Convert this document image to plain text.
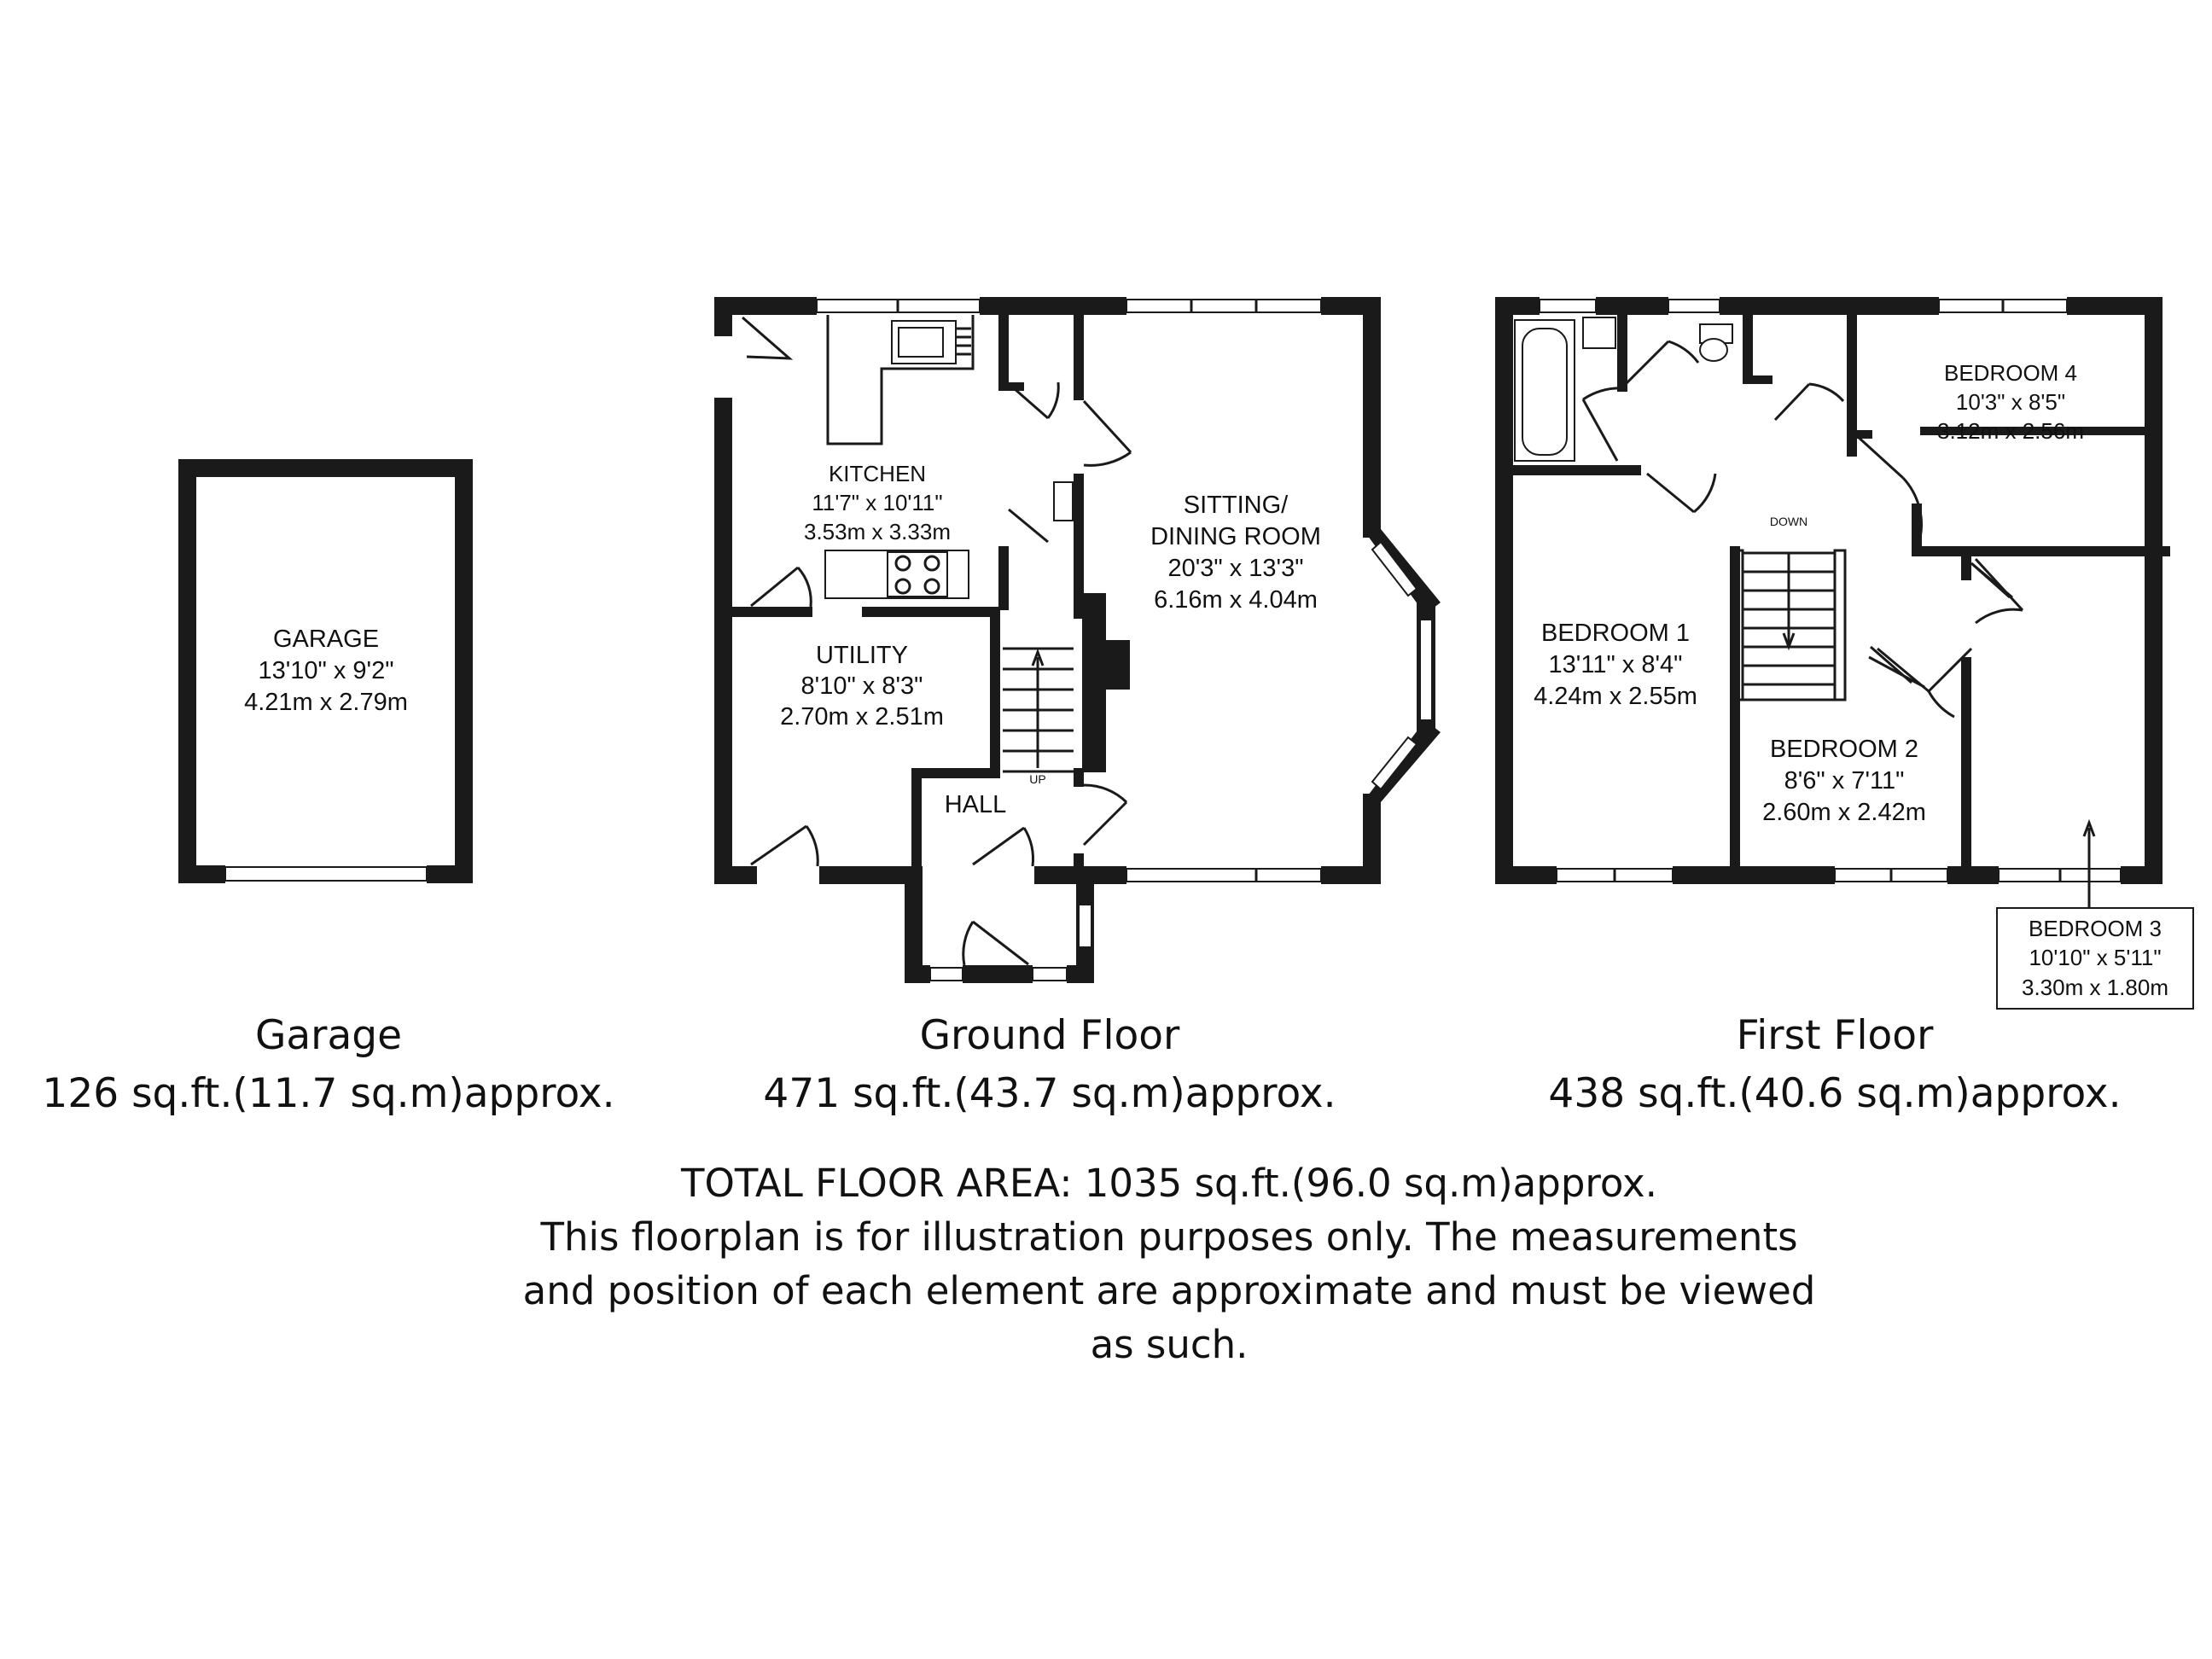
GARAGE
13'10" x 9'2"
4.21m x 2.79m
UP
KITCHEN
11'7" x 10'11"
3.53m x 3.33m
UTILITY
8'10" x 8'3"
2.70m x 2.51m
SITTING/
DINING ROOM
20'3" x 13'3"
6.16m x 4.04m
HALL
DOWN
BEDROOM 4
10'3" x 8'5"
3.12m x 2.56m
BEDROOM 1
13'11" x 8'4"
4.24m x 2.55m
BEDROOM 2
8'6" x 7'11"
2.60m x 2.42m
BEDROOM 3
10'10" x 5'11"
3.30m x 1.80m
Garage
126 sq.ft.(11.7 sq.m)approx.
Ground Floor
471 sq.ft.(43.7 sq.m)approx.
First Floor
438 sq.ft.(40.6 sq.m)approx.
TOTAL FLOOR AREA: 1035 sq.ft.(96.0 sq.m)approx.
This floorplan is for illustration purposes only. The measurements
and position of each element are approximate and must be viewed
as such.
